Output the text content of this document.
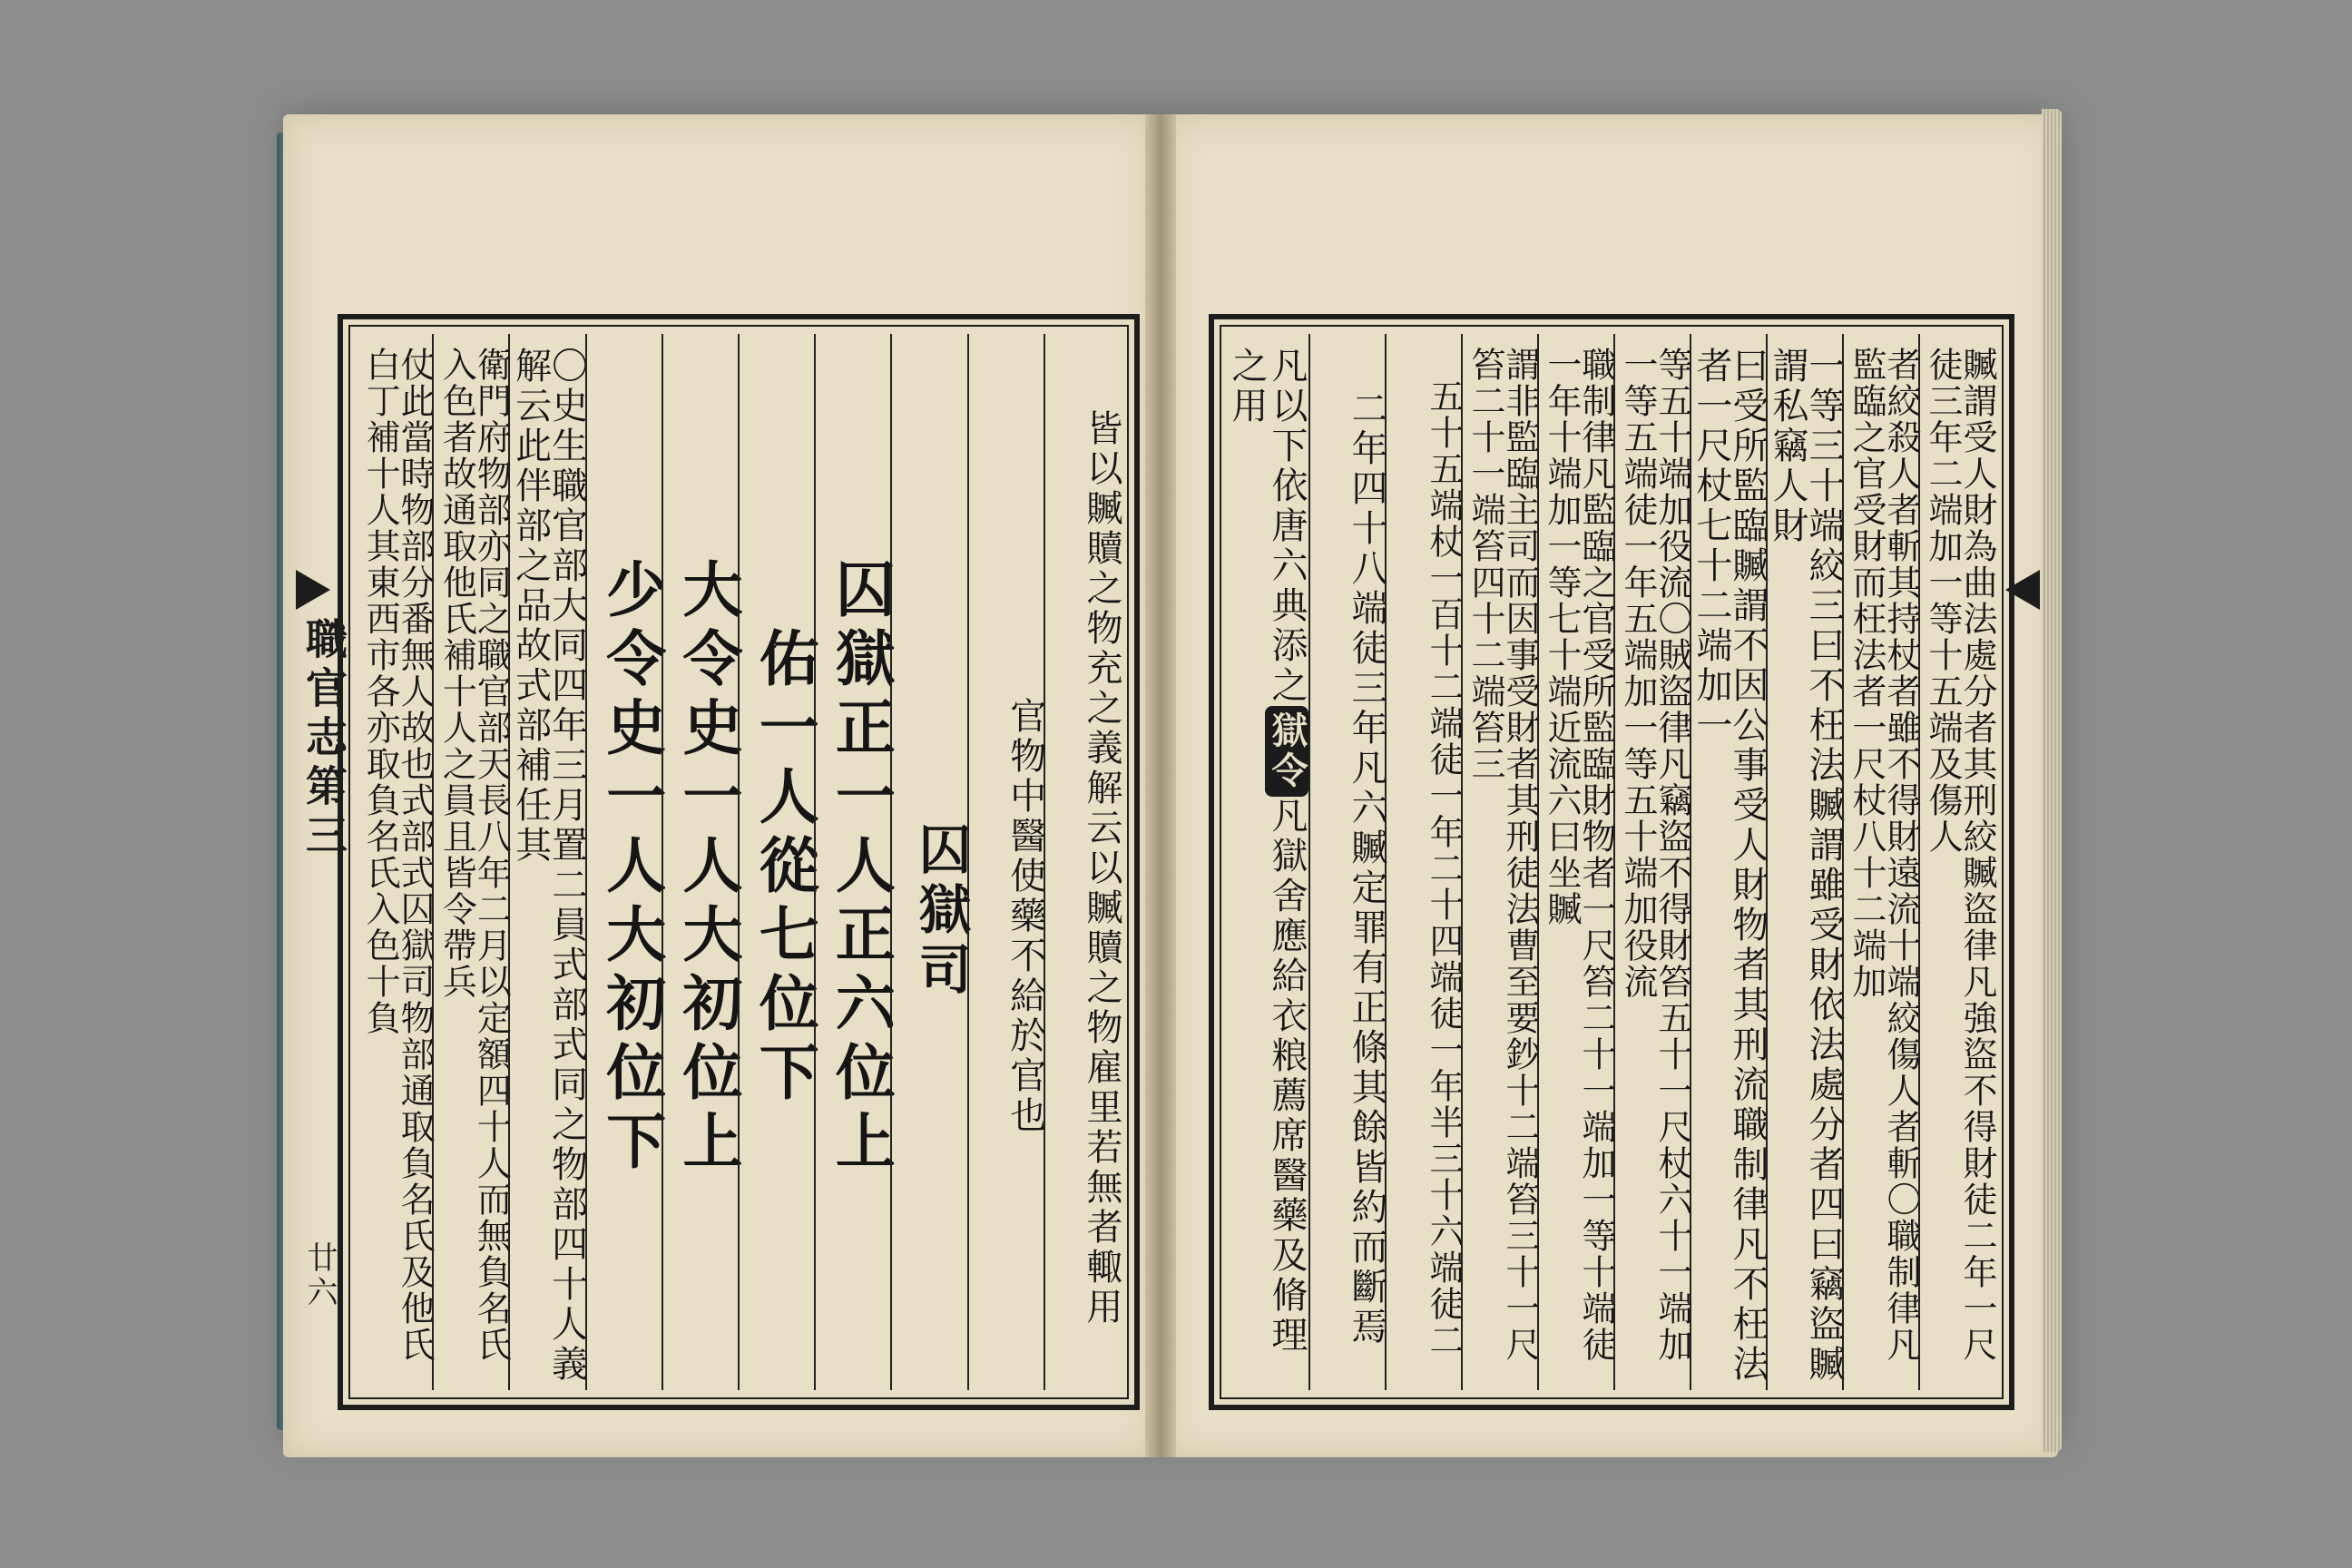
⠀
職官志第三
廿六	皆以贓贖之物充之義解云以贓贖之物雇里若無者輙用
官物中醫使藥不給於官也
囚獄司
囚獄正一人正六位上
佑一人從七位下
大令史一人大初位上
少令史一人大初位下
〇史生職官部大同四年三月置二員式部式同之物部四十人義解云此伴部之品故式部補任其
衛門府物部亦同之職官部天長八年二月以定額四十人而無負名氏入色者故通取他氏補十人之員且皆令帶兵
仗此當時物部分番無人故也式部式囚獄司物部通取負名氏及他氏白丁補十人其東西市各亦取負名氏入色十負	贓謂受人財為曲法處分者其刑絞贓盜律凡強盜不得財徒二年一尺徒三年二端加一等十五端及傷人
者絞殺人者斬其持杖者雖不得財遠流十端絞傷人者斬〇職制律凡監臨之官受財而枉法者一尺杖八十二端加
一等三十端絞三曰不枉法贓謂雖受財依法處分者四曰竊盜贓謂私竊人財
曰受所監臨贓謂不因公事受人財物者其刑流職制律凡不枉法者一尺杖七十二端加一
等五十端加役流〇賊盜律凡竊盜不得財笞五十一尺杖六十一端加一等五端徒一年五端加一等五十端加役流
職制律凡監臨之官受所監臨財物者一尺笞二十一端加一等十端徒一年十端加一等七十端近流六曰坐贓
謂非監臨主司而因事受財者其刑徒法曹至要鈔十二端笞三十一尺笞二十一端笞四十二端笞三
五十五端杖一百十二端徒一年二十四端徒一年半三十六端徒二
二年四十八端徒三年凡六贓定罪有正條其餘皆約而斷焉
凡以下依唐六典添之獄令凡獄舍應給衣粮薦席醫藥及脩理之用
